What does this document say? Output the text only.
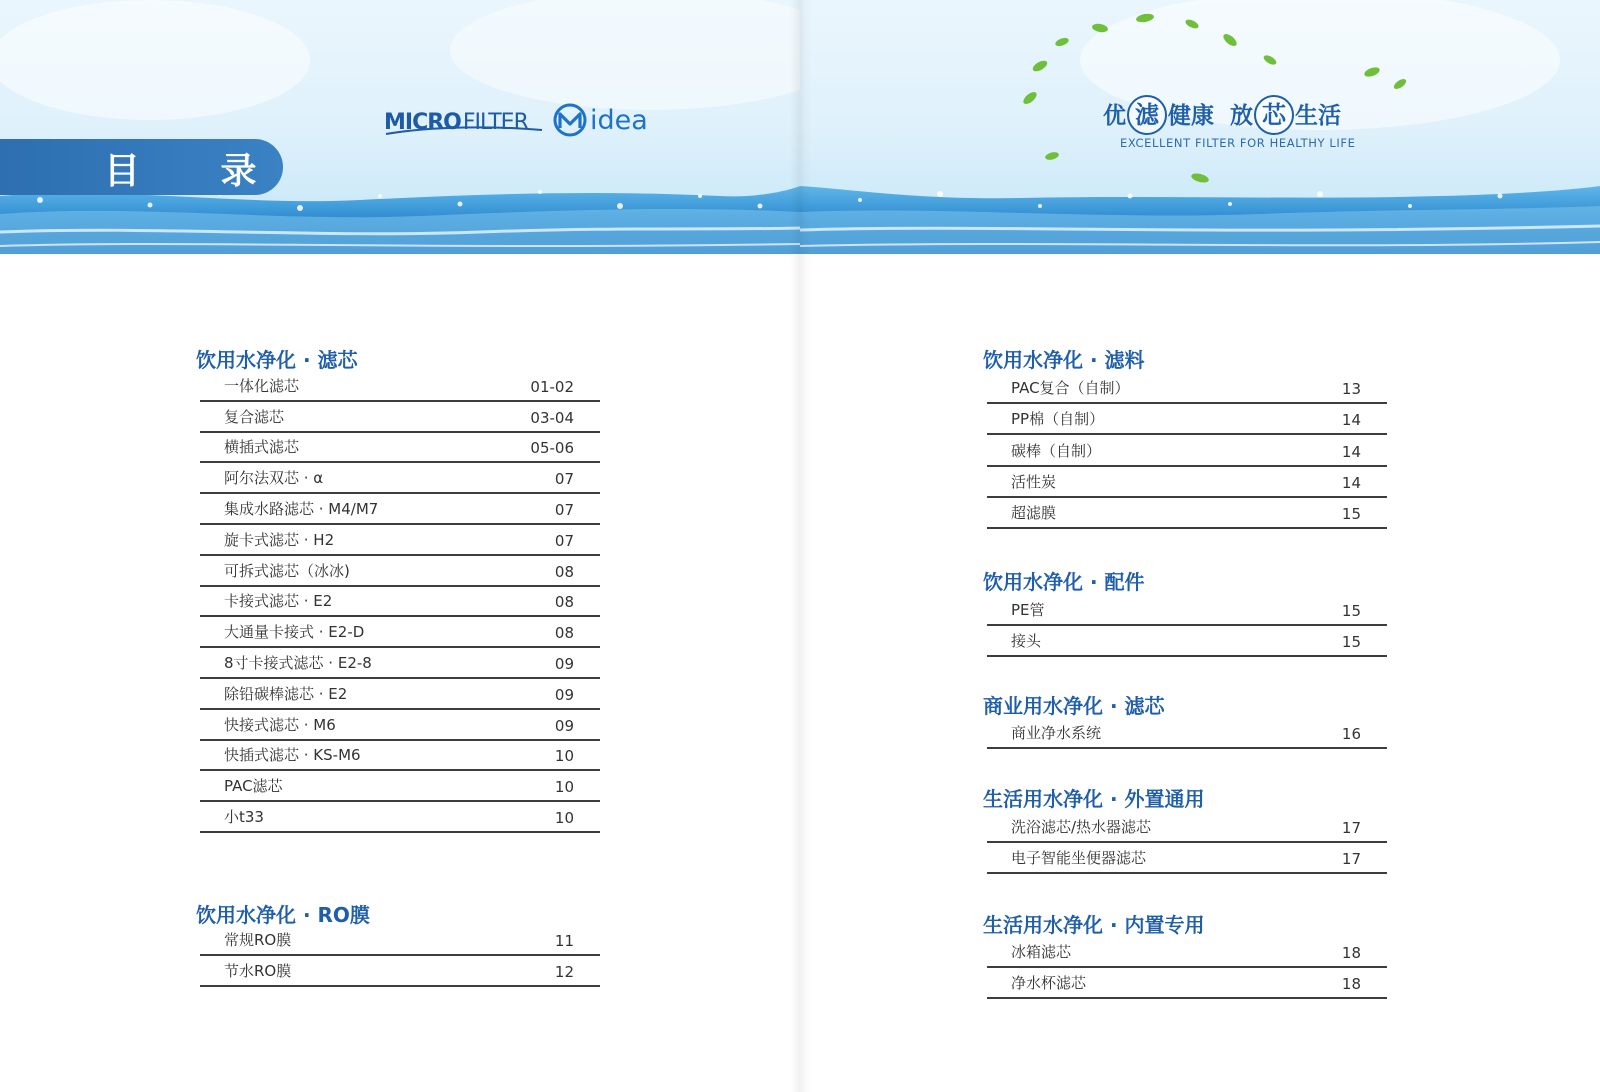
目 录
MICRO FILTER idea
饮用水净化 · 滤芯
一体化滤芯	01-02
复合滤芯	03-04
横插式滤芯	05-06
阿尔法双芯 · α	07
集成水路滤芯 · M4/M7	07
旋卡式滤芯 · H2	07
可拆式滤芯（冰冰)	08
卡接式滤芯 · E2	08
大通量卡接式 · E2-D	08
8寸卡接式滤芯 · E2-8	09
除铅碳棒滤芯 · E2	09
快接式滤芯 · M6	09
快插式滤芯 · KS-M6	10
PAC滤芯	10
小t33	10
饮用水净化 · RO膜
常规RO膜	11
节水RO膜	12
优 滤 健康  放 芯 生活
EXCELLENT FILTER FOR HEALTHY LIFE
饮用水净化 · 滤料
PAC复合（自制）	13
PP棉（自制）	14
碳棒（自制）	14
活性炭	14
超滤膜	15
饮用水净化 · 配件
PE管	15
接头	15
商业用水净化 · 滤芯
商业净水系统	16
生活用水净化 · 外置通用
洗浴滤芯/热水器滤芯	17
电子智能坐便器滤芯	17
生活用水净化 · 内置专用
冰箱滤芯	18
净水杯滤芯	18
